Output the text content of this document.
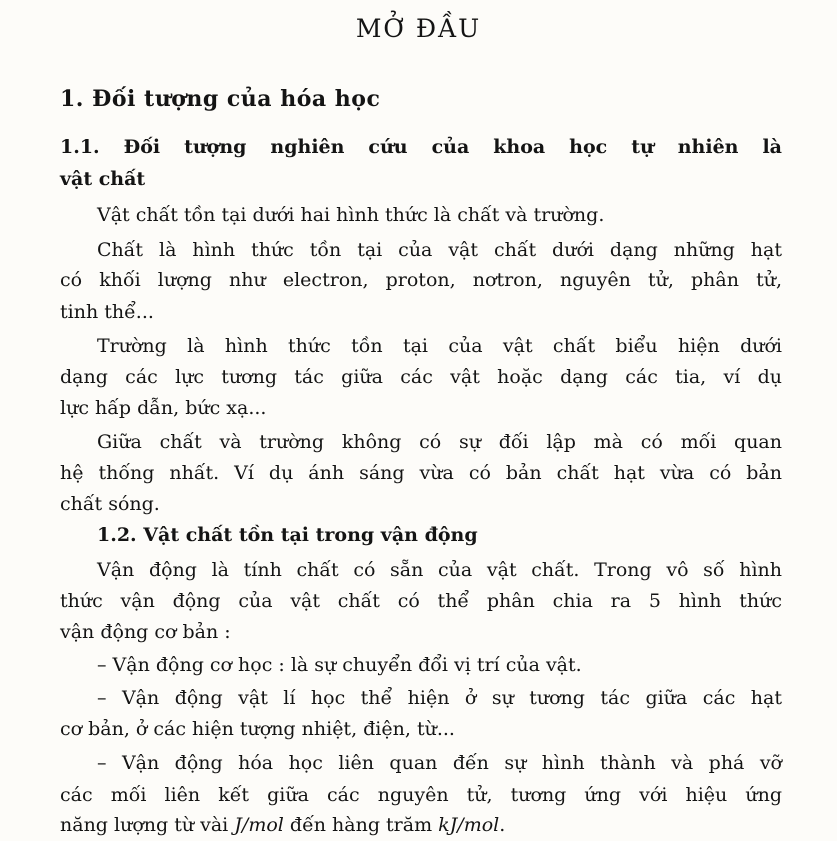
MỞ ĐẦU
1. Đối tượng của hóa học
1.1. Đối tượng nghiên cứu của khoa học tự nhiên là
vật chất
Vật chất tồn tại dưới hai hình thức là chất và trường.
Chất là hình thức tồn tại của vật chất dưới dạng những hạt
có khối lượng như electron, proton, nơtron, nguyên tử, phân tử,
tinh thể...
Trường là hình thức tồn tại của vật chất biểu hiện dưới
dạng các lực tương tác giữa các vật hoặc dạng các tia, ví dụ
lực hấp dẫn, bức xạ...
Giữa chất và trường không có sự đối lập mà có mối quan
hệ thống nhất. Ví dụ ánh sáng vừa có bản chất hạt vừa có bản
chất sóng.
1.2. Vật chất tồn tại trong vận động
Vận động là tính chất có sẵn của vật chất. Trong vô số hình
thức vận động của vật chất có thể phân chia ra 5 hình thức
vận động cơ bản :
– Vận động cơ học : là sự chuyển đổi vị trí của vật.
– Vận động vật lí học thể hiện ở sự tương tác giữa các hạt
cơ bản, ở các hiện tượng nhiệt, điện, từ...
– Vận động hóa học liên quan đến sự hình thành và phá vỡ
các mối liên kết giữa các nguyên tử, tương ứng với hiệu ứng
năng lượng từ vài J/mol đến hàng trăm kJ/mol.
